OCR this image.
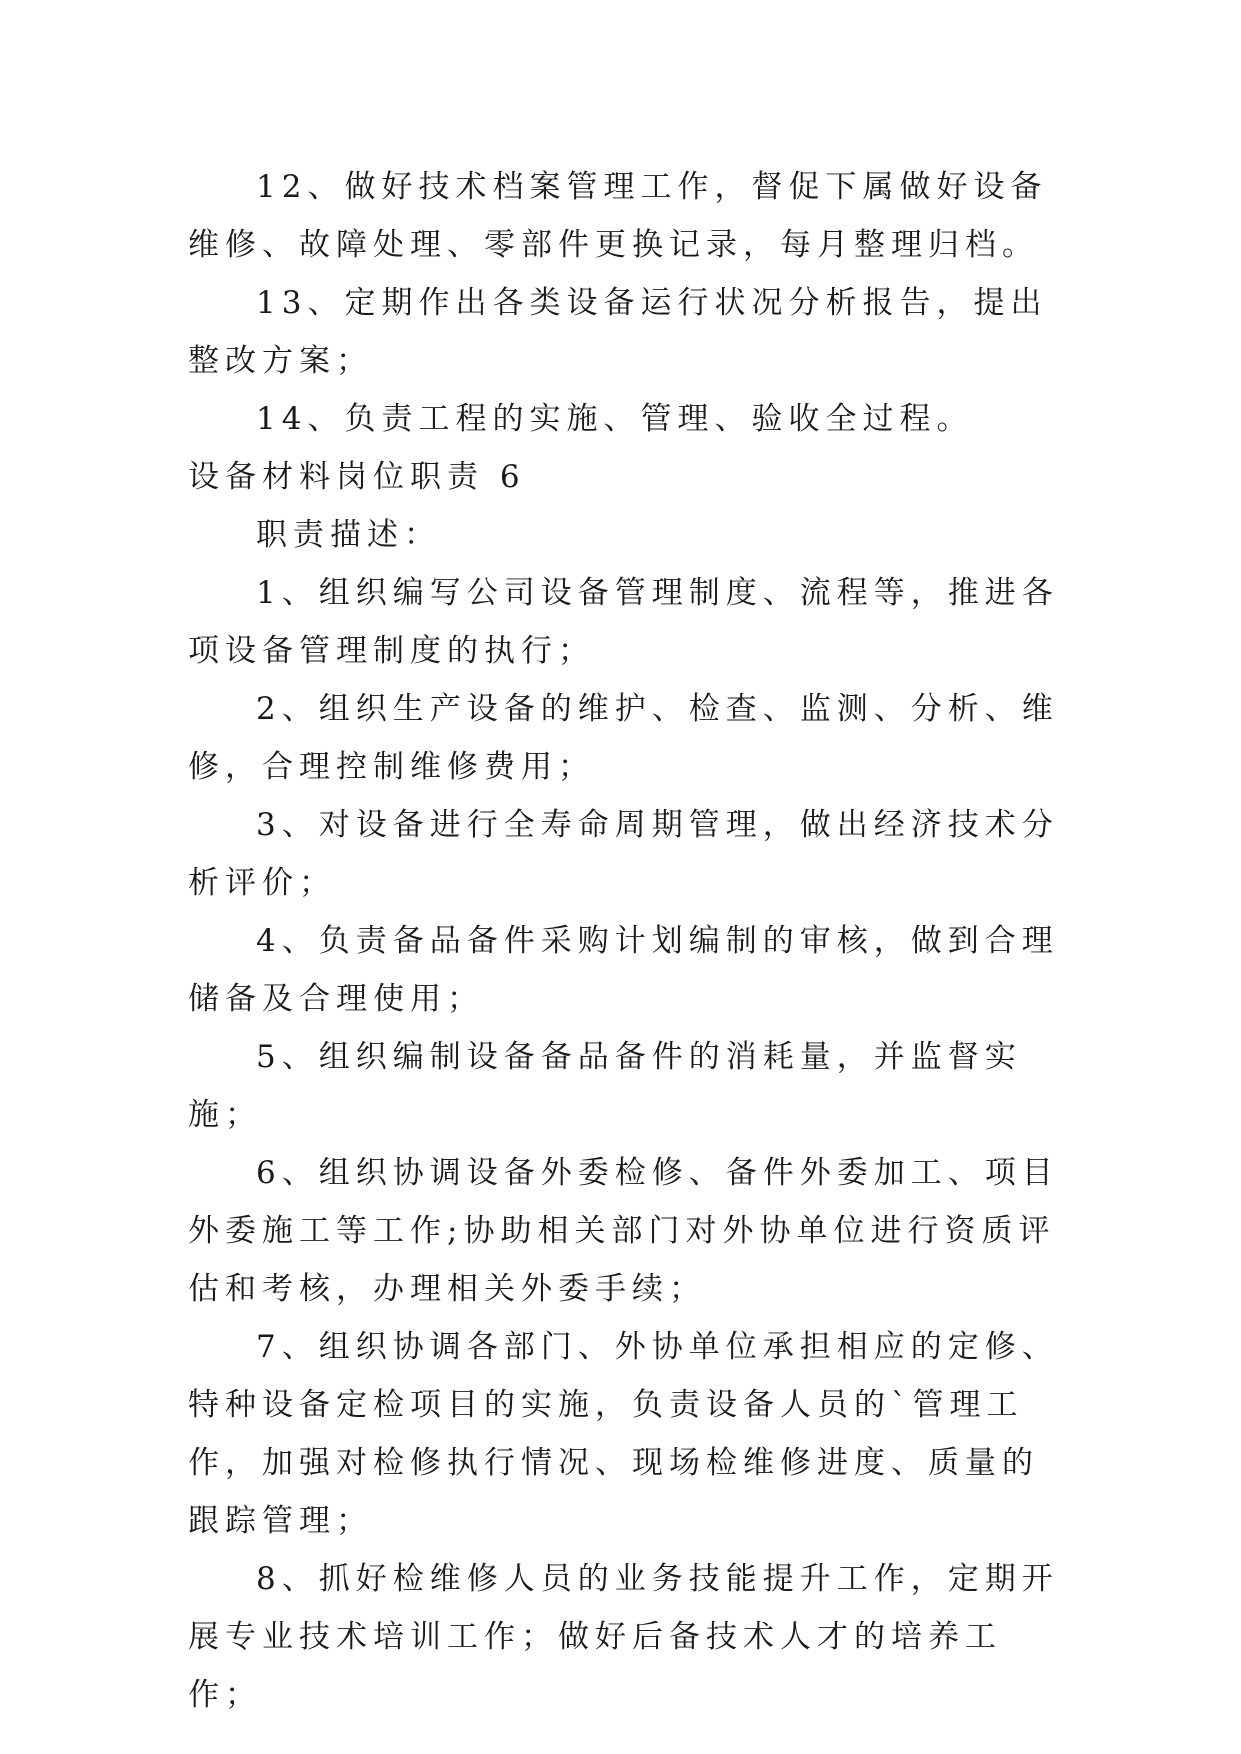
12、做好技术档案管理工作，督促下属做好设备维修、故障处理、零部件更换记录，每月整理归档。

13、定期作出各类设备运行状况分析报告，提出整改方案；

14、负责工程的实施、管理、验收全过程。

设备材料岗位职责 6

职责描述：

1、组织编写公司设备管理制度、流程等，推进各项设备管理制度的执行；

2、组织生产设备的维护、检查、监测、分析、维修，合理控制维修费用；

3、对设备进行全寿命周期管理，做出经济技术分析评价；

4、负责备品备件采购计划编制的审核，做到合理储备及合理使用；

5、组织编制设备备品备件的消耗量，并监督实施；

6、组织协调设备外委检修、备件外委加工、项目外委施工等工作;协助相关部门对外协单位进行资质评估和考核，办理相关外委手续；

7、组织协调各部门、外协单位承担相应的定修、特种设备定检项目的实施，负责设备人员的`管理工作，加强对检修执行情况、现场检维修进度、质量的跟踪管理；

8、抓好检维修人员的业务技能提升工作，定期开展专业技术培训工作；做好后备技术人才的培养工作；
